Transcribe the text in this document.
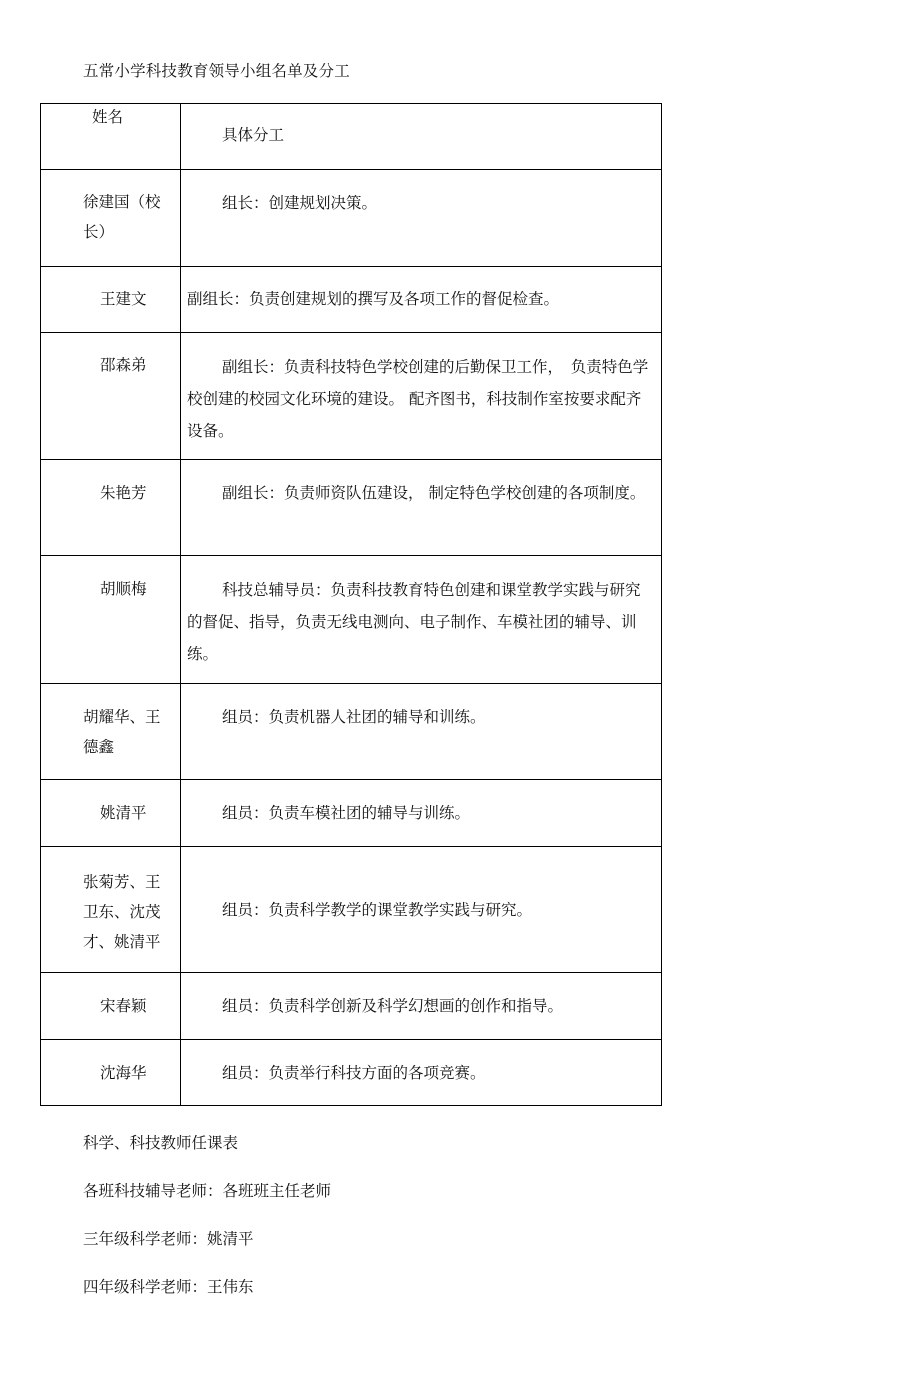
五常小学科技教育领导小组名单及分工
姓名	具体分工

徐建国（校长）	组长：创建规划决策。

王建文	副组长：负责创建规划的撰写及各项工作的督促检查。

邵森弟	副组长：负责科技特色学校创建的后勤保卫工作，　负责特色学校创建的校园文化环境的建设。 配齐图书，科技制作室按要求配齐设备。

朱艳芳	副组长：负责师资队伍建设， 制定特色学校创建的各项制度。

胡顺梅	科技总辅导员：负责科技教育特色创建和课堂教学实践与研究的督促、指导，负责无线电测向、电子制作、车模社团的辅导、训练。

胡耀华、王德鑫	组员：负责机器人社团的辅导和训练。

姚清平	组员：负责车模社团的辅导与训练。

张菊芳、王卫东、沈茂才、姚清平	组员：负责科学教学的课堂教学实践与研究。

宋春颖	组员：负责科学创新及科学幻想画的创作和指导。

沈海华	组员：负责举行科技方面的各项竞赛。
科学、科技教师任课表
各班科技辅导老师：各班班主任老师
三年级科学老师：姚清平
四年级科学老师：王伟东
